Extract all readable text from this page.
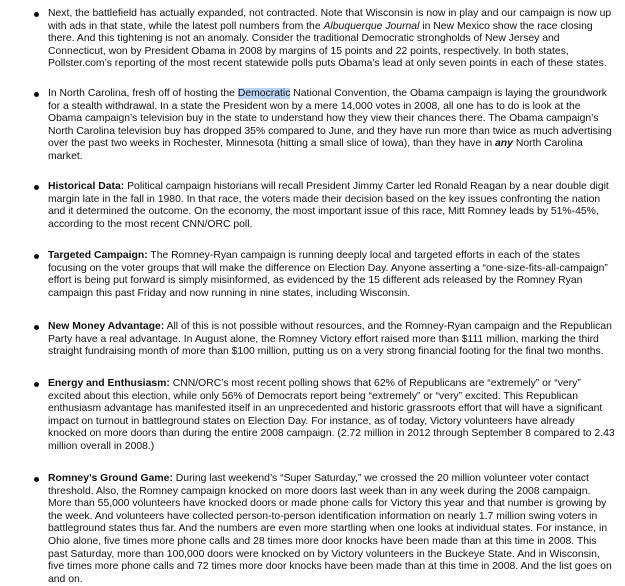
Next, the battlefield has actually expanded, not contracted. Note that Wisconsin is now in play and our campaign is now up with ads in that state, while the latest poll numbers from the Albuquerque Journal in New Mexico show the race closing there. And this tightening is not an anomaly. Consider the traditional Democratic strongholds of New Jersey and Connecticut, won by President Obama in 2008 by margins of 15 points and 22 points, respectively. In both states, Pollster.com’s reporting of the most recent statewide polls puts Obama’s lead at only seven points in each of these states.

In North Carolina, fresh off of hosting the Democratic National Convention, the Obama campaign is laying the groundwork for a stealth withdrawal. In a state the President won by a mere 14,000 votes in 2008, all one has to do is look at the Obama campaign’s television buy in the state to understand how they view their chances there. The Obama campaign’s North Carolina television buy has dropped 35% compared to June, and they have run more than twice as much advertising over the past two weeks in Rochester, Minnesota (hitting a small slice of Iowa), than they have in any North Carolina market.

Historical Data: Political campaign historians will recall President Jimmy Carter led Ronald Reagan by a near double digit margin late in the fall in 1980. In that race, the voters made their decision based on the key issues confronting the nation and it determined the outcome. On the economy, the most important issue of this race, Mitt Romney leads by 51%-45%, according to the most recent CNN/ORC poll.

Targeted Campaign: The Romney-Ryan campaign is running deeply local and targeted efforts in each of the states focusing on the voter groups that will make the difference on Election Day. Anyone asserting a “one-size-fits-all-campaign” effort is being put forward is simply misinformed, as evidenced by the 15 different ads released by the Romney Ryan campaign this past Friday and now running in nine states, including Wisconsin.

New Money Advantage: All of this is not possible without resources, and the Romney-Ryan campaign and the Republican Party have a real advantage. In August alone, the Romney Victory effort raised more than $111 million, marking the third straight fundraising month of more than $100 million, putting us on a very strong financial footing for the final two months.

Energy and Enthusiasm: CNN/ORC’s most recent polling shows that 62% of Republicans are “extremely” or “very” excited about this election, while only 56% of Democrats report being “extremely” or “very” excited. This Republican enthusiasm advantage has manifested itself in an unprecedented and historic grassroots effort that will have a significant impact on turnout in battleground states on Election Day. For instance, as of today, Victory volunteers have already knocked on more doors than during the entire 2008 campaign. (2.72 million in 2012 through September 8 compared to 2.43 million overall in 2008.)

Romney’s Ground Game: During last weekend’s “Super Saturday,” we crossed the 20 million volunteer voter contact threshold. Also, the Romney campaign knocked on more doors last week than in any week during the 2008 campaign. More than 55,000 volunteers have knocked doors or made phone calls for Victory this year and that number is growing by the week. And volunteers have collected person-to-person identification information on nearly 1.7 million swing voters in battleground states thus far. And the numbers are even more startling when one looks at individual states. For instance, in Ohio alone, five times more phone calls and 28 times more door knocks have been made than at this time in 2008. This past Saturday, more than 100,000 doors were knocked on by Victory volunteers in the Buckeye State. And in Wisconsin, five times more phone calls and 72 times more door knocks have been made than at this time in 2008. And the list goes on and on.
